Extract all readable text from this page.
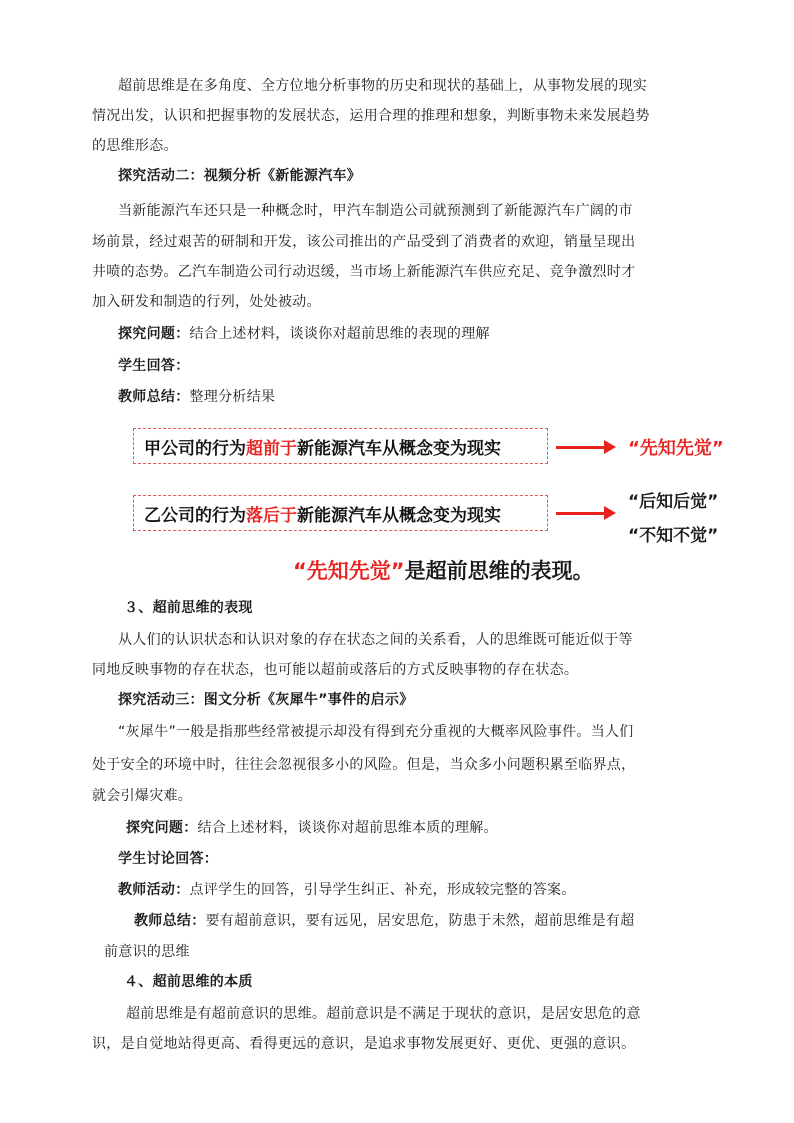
超前思维是在多角度、全方位地分析事物的历史和现状的基础上，从事物发展的现实
情况出发，认识和把握事物的发展状态，运用合理的推理和想象，判断事物未来发展趋势
的思维形态。
探究活动二：视频分析《新能源汽车》
当新能源汽车还只是一种概念时，甲汽车制造公司就预测到了新能源汽车广阔的市
场前景，经过艰苦的研制和开发，该公司推出的产品受到了消费者的欢迎，销量呈现出
井喷的态势。乙汽车制造公司行动迟缓，当市场上新能源汽车供应充足、竞争激烈时才
加入研发和制造的行列，处处被动。
探究问题：结合上述材料，谈谈你对超前思维的表现的理解
学生回答：
教师总结：整理分析结果
甲公司的行为 超前于 新能源汽车从概念变为现实	“先知先觉”
乙公司的行为 落后于 新能源汽车从概念变为现实
“后知后觉”
“不知不觉”
“先知先觉”是超前思维的表现。
３、超前思维的表现
从人们的认识状态和认识对象的存在状态之间的关系看，人的思维既可能近似于等
同地反映事物的存在状态，也可能以超前或落后的方式反映事物的存在状态。
探究活动三：图文分析《灰犀牛”事件的启示》
“灰犀牛”一般是指那些经常被提示却没有得到充分重视的大概率风险事件。当人们
处于安全的环境中时，往往会忽视很多小的风险。但是，当众多小问题积累至临界点，
就会引爆灾难。
探究问题：结合上述材料，谈谈你对超前思维本质的理解。
学生讨论回答：
教师活动：点评学生的回答，引导学生纠正、补充，形成较完整的答案。
教师总结：要有超前意识，要有远见，居安思危，防患于未然，超前思维是有超
前意识的思维
４、超前思维的本质
超前思维是有超前意识的思维。超前意识是不满足于现状的意识，是居安思危的意
识，是自觉地站得更高、看得更远的意识，是追求事物发展更好、更优、更强的意识。
